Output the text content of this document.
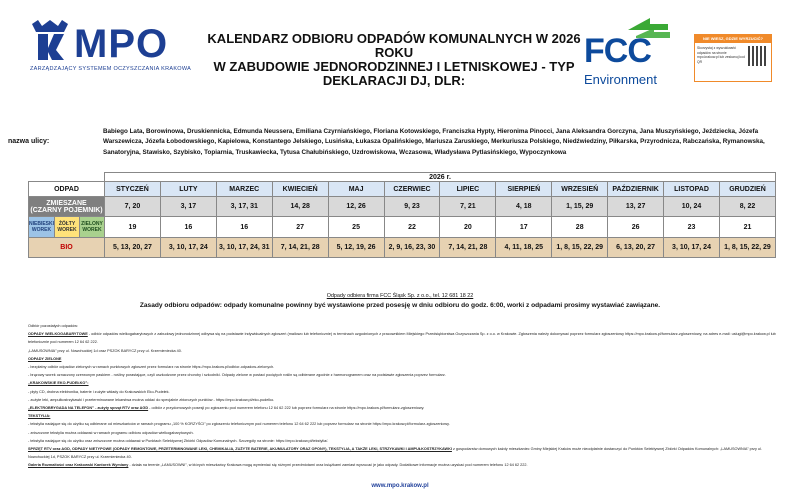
MPO
ZARZĄDZAJĄCY SYSTEMEM OCZYSZCZANIA KRAKOWA
KALENDARZ ODBIORU ODPADÓW KOMUNALNYCH W 2026 ROKU
W ZABUDOWIE JEDNORODZINNEJ I LETNISKOWEJ - TYP
DEKLARACJI DJ, DLR:
FCC
Environment
NIE WIESZ, GDZIE WYRZUCIĆ?
Skorzystaj z wyszukiwarki odpadów na stronie mpo.krakow.pl lub zeskanuj kod QR
nazwa ulicy:
Babiego Lata, Borowinowa, Druskiennicka, Edmunda Neussera, Emiliana Czyrniańskiego, Floriana Kotowskiego, Franciszka Hypty, Hieronima Pinocci, Jana Aleksandra Gorczyna, Jana Muszyńskiego, Jeździecka, Józefa Warszewicza, Józefa Łobodowskiego, Kapielowa, Konstantego Jelskiego, Lusińska, Łukasza Opalińskiego, Mariusza Zaruskiego, Merkuriusza Polskiego, Niedźwiedziny, Piłkarska, Przyrodnicza, Rabczańska, Rymanowska, Sanatoryjna, Stawisko, Szybisko, Topiarnia, Truskawiecka, Tytusa Chałubińskiego, Uzdrowiskowa, Wczasowa, Władysława Pytlasińskiego, Wypoczynkowa
	2026 r.											
ODPAD	STYCZEŃ	LUTY	MARZEC	KWIECIEŃ	MAJ	CZERWIEC	LIPIEC	SIERPIEŃ	WRZESIEŃ	PAŹDZIERNIK	LISTOPAD	GRUDZIEŃ

ZMIESZANE
(CZARNY POJEMNIK)	7, 20	3, 17	3, 17, 31	14, 28	12, 26	9, 23	7, 21	4, 18	1, 15, 29	13, 27	10, 24	8, 22

NIEBIESKI WOREK
ŻÓŁTY WOREK
ZIELONY WOREK	19	16	16	27	25	22	20	17	28	26	23	21
BIO	5, 13, 20, 27	3, 10, 17, 24	3, 10, 17, 24, 31	7, 14, 21, 28	5, 12, 19, 26	2, 9, 16, 23, 30	7, 14, 21, 28	4, 11, 18, 25	1, 8, 15, 22, 29	6, 13, 20, 27	3, 10, 17, 24	1, 8, 15, 22, 29
Odpady odbiera firma FCC Śląsk Sp. z o.o., tel. 12 681 18 22
Zasady odbioru odpadów: odpady komunalne powinny być wystawione przed posesję w dniu odbioru do godz. 6:00, worki z odpadami prosimy wystawiać zawiązane.
Odbiór pozostałych odpadów:
ODPADY WIELKOGABARYTOWE - odbiór odpadów wielkogabarytowych z zabudowy jednorodzinnej odbywa się na podstawie indywidualnych zgłoszeń (mailowo lub telefonicznie) w terminach uzgodnionych z pracownikiem Miejskiego Przedsiębiorstwa Oczyszczania Sp. z o.o. w Krakowie. Zgłoszenia należy dokonywać poprzez formularz zgłoszeniowy https://mpo.krakow.pl/formularz-zgloszeniowy, na adres e-mail: uslugi@mpo.krakow.pl lub telefonicznie pod numerem 12 64 62 222.
„LAMUSOWNIA” przy ul. Nowohuckiej 1d oraz PSZOK BARYCZ przy ul. Krzemieniecka 40.
ODPADY ZIELONE
- bezpłatny odbiór odpadów zielonych w ramach punktowych zgłoszeń przez formularz na stronie https://mpo.krakow.pl/odbior-odpadow-zielonych.
- brązowy worek oznaczony czerwonym paskiem - rośliny porastające, czyli uszkodzone przez choroby i szkodniki. Odpady zielone w postaci pociętych roślin są odbierane zgodnie z harmonogramem oraz na podstawie zgłoszenia poprzez formularz.
„KRAKOWSKIE EKO-PUDEŁKO”:
- płyty CD, drobna elektronika, baterie i zużyte wkłady do Krakowskich Eko-Pudełek.
- zużyte leki, ampułkostrzykawki i przeterminowane lekarstwa można oddać do specjalnie zbiorczych punktów - https://mpo.krakow.pl/eko-pudelko.
„ELEKTROBRYGADA NA TELEFON” - zużyty sprzęt RTV oraz AGD - odbiór z przydomowych posesji po zgłoszeniu pod numerem telefonu 12 64 62 222 lub poprzez formularz na stronie https://mpo.krakow.pl/formularz-zgloszeniowy.
TEKSTYLIA:
- tekstylia nadające się do użytku są odbierane od mieszkańców w ramach programu „100 % KORZYŚCI” po zgłoszeniu telefonicznym pod numerem telefonu 12 64 62 222 lub poprzez formularz na stronie https://mpo.krakow.pl/formularz-zgloszeniowy.
- zniszczone tekstylia można oddawać w ramach programu odbioru odpadów wielkogabarytowych.
- tekstylia nadające się do użytku oraz zniszczone można oddawać w Punktach Selektywnej Zbiórki Odpadów Komunalnych. Szczegóły na stronie: https://mpo.krakow.pl/tekstylia/.
SPRZĘT RTV oraz AGD, ODPADY NIETYPOWE (ODPADY REMONTOWE, PRZETERMINOWANE LEKI, CHEMIKALIA, ZUŻYTE BATERIE, AKUMULATORY ORAZ OPONY), TEKSTYLIA, A TAKŻE LEKI, STRZYKAWKI I AMPUŁKOSTRZYKAWKI z gospodarstw domowych każdy mieszkaniec Gminy Miejskiej Kraków może nieodpłatnie dostarczyć do Punktów Selektywnej Zbiórki Odpadów Komunalnych: „LAMUSOWNIA” przy ul. Nowohuckiej 1d, PSZOK BARYCZ przy ul. Krzemieniecka 40.
Galeria Rozmaitości oraz Krakowski Kantorek Wymiany - działa na terenie „LAMUSOWNI”, w których mieszkańcy Krakowa mogą wymieniać się różnymi przedmiotami oraz książkami zamiast wyrzucać je jako odpady. Dodatkowe informacje można uzyskać pod numerem telefonu 12 64 62 222.
www.mpo.krakow.pl
